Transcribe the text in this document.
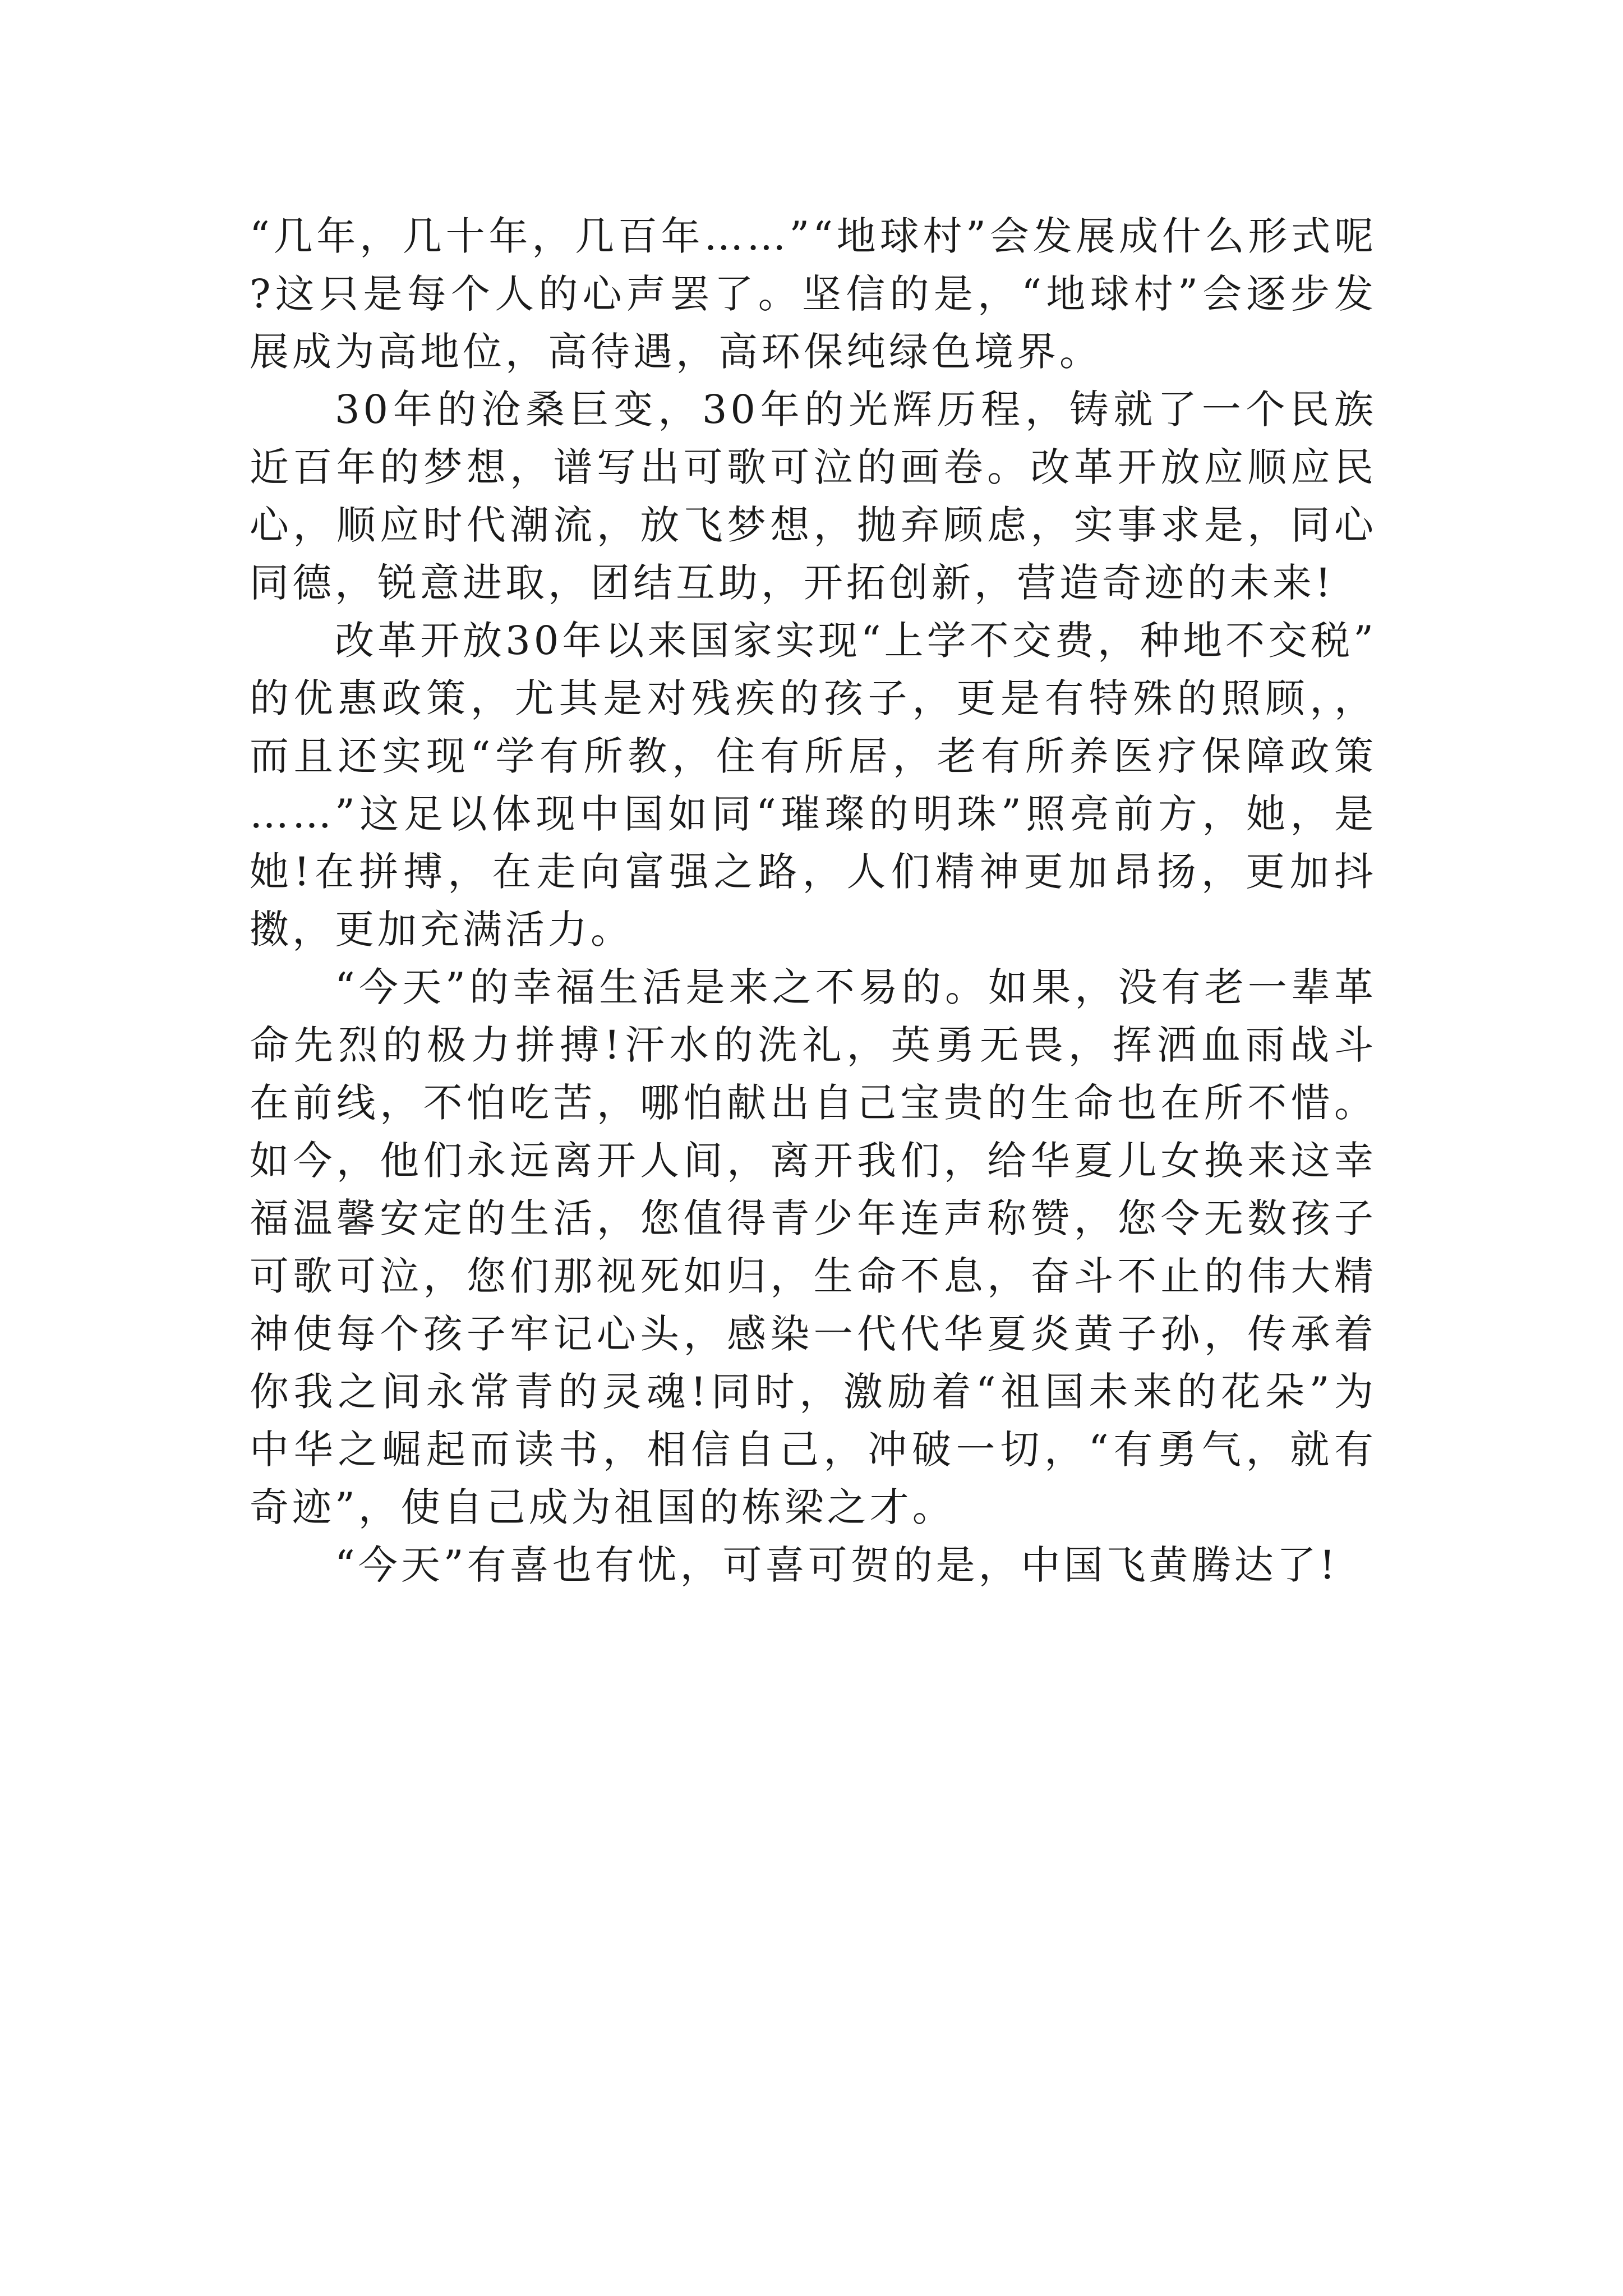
“几年，几十年，几百年……”“地球村”会发展成什么形式呢?这只是每个人的心声罢了。坚信的是，“地球村”会逐步发展成为高地位，高待遇，高环保纯绿色境界。

30年的沧桑巨变，30年的光辉历程，铸就了一个民族近百年的梦想，谱写出可歌可泣的画卷。改革开放应顺应民心，顺应时代潮流，放飞梦想，抛弃顾虑，实事求是，同心同德，锐意进取，团结互助，开拓创新，营造奇迹的未来!

改革开放30年以来国家实现“上学不交费，种地不交税”的优惠政策，尤其是对残疾的孩子，更是有特殊的照顾，，而且还实现“学有所教，住有所居，老有所养医疗保障政策……”这足以体现中国如同“璀璨的明珠”照亮前方，她，是她!在拼搏，在走向富强之路，人们精神更加昂扬，更加抖擞，更加充满活力。

“今天”的幸福生活是来之不易的。如果，没有老一辈革命先烈的极力拼搏!汗水的洗礼，英勇无畏，挥洒血雨战斗在前线，不怕吃苦，哪怕献出自己宝贵的生命也在所不惜。如今，他们永远离开人间，离开我们，给华夏儿女换来这幸福温馨安定的生活，您值得青少年连声称赞，您令无数孩子可歌可泣，您们那视死如归，生命不息，奋斗不止的伟大精神使每个孩子牢记心头，感染一代代华夏炎黄子孙，传承着你我之间永常青的灵魂!同时，激励着“祖国未来的花朵”为中华之崛起而读书，相信自己，冲破一切，“有勇气，就有奇迹”，使自己成为祖国的栋梁之才。

“今天”有喜也有忧，可喜可贺的是，中国飞黄腾达了!
